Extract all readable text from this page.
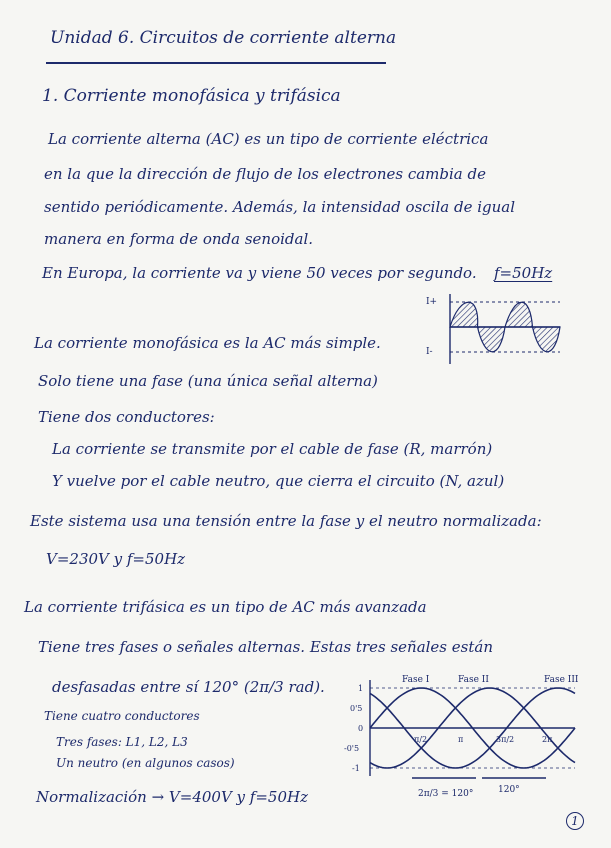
Unidad 6. Circuitos de corriente alterna
1. Corriente monofásica y trifásica
La corriente alterna (AC) es un tipo de corriente eléctrica
en la que la dirección de flujo de los electrones cambia de
sentido periódicamente. Además, la intensidad oscila de igual
manera en forma de onda senoidal.
En Europa, la corriente va y viene 50 veces por segundo. f=50Hz
I+
I-
La corriente monofásica es la AC más simple.
Solo tiene una fase (una única señal alterna)
Tiene dos conductores:
La corriente se transmite por el cable de fase (R, marrón)
Y vuelve por el cable neutro, que cierra el circuito (N, azul)
Este sistema usa una tensión entre la fase y el neutro normalizada:
V=230V y f=50Hz
La corriente trifásica es un tipo de AC más avanzada
Tiene tres fases o señales alternas. Estas tres señales están
desfasadas entre sí 120° (2π/3 rad).
Tiene cuatro conductores
Tres fases: L1, L2, L3
Un neutro (en algunos casos)
Normalización → V=400V y f=50Hz
Fase I	Fase II	Fase III
1
0'5
0
-0'5
-1
π/2	π	3π/2	2π
2π/3 = 120°	120°
1
